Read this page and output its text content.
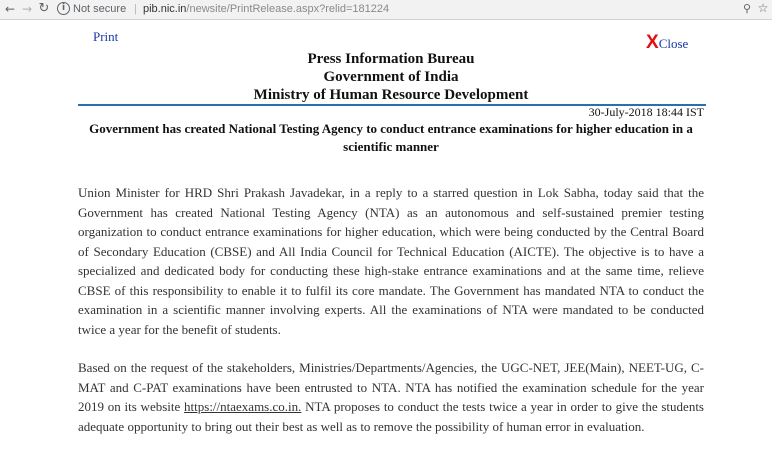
← → ↻	i Not secure | pib.nic.in/newsite/PrintRelease.aspx?relid=181224	⚲ ☆
Print	XClose
Press Information Bureau
Government of India
Ministry of Human Resource Development
30-July-2018 18:44 IST
Government has created National Testing Agency to conduct entrance examinations for higher education in a scientific manner

Union Minister for HRD Shri Prakash Javadekar, in a reply to a starred question in Lok Sabha, today said that the Government has created National Testing Agency (NTA) as an autonomous and self-sustained premier testing organization to conduct entrance examinations for higher education, which were being conducted by the Central Board of Secondary Education (CBSE) and All India Council for Technical Education (AICTE). The objective is to have a specialized and dedicated body for conducting these high-stake entrance examinations and at the same time, relieve CBSE of this responsibility to enable it to fulfil its core mandate. The Government has mandated NTA to conduct the examination in a scientific manner involving experts. All the examinations of NTA were mandated to be conducted twice a year for the benefit of students.

Based on the request of the stakeholders, Ministries/Departments/Agencies, the UGC-NET, JEE(Main), NEET-UG, C-MAT and C-PAT examinations have been entrusted to NTA. NTA has notified the examination schedule for the year 2019 on its website https://ntaexams.co.in. NTA proposes to conduct the tests twice a year in order to give the students adequate opportunity to bring out their best as well as to remove the possibility of human error in evaluation.
